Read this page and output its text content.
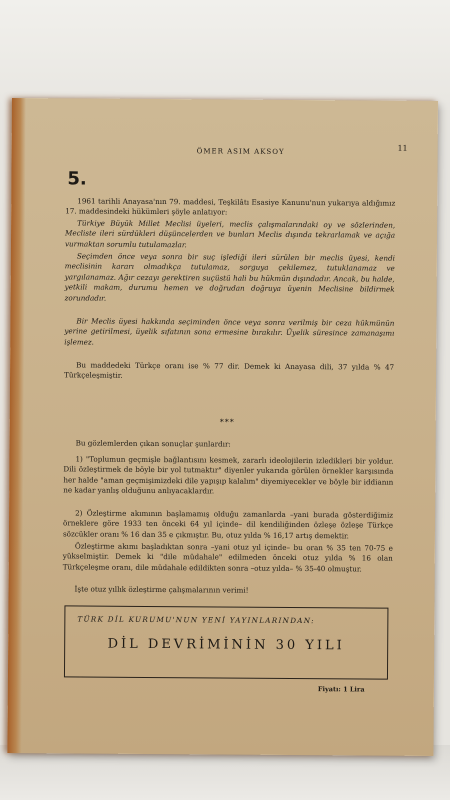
ÖMER ASIM AKSOY	11
5.
1961 tarihli Anayasa'nın 79. maddesi, Teşkilâtı Esasiye Kanunu'nun yukarıya aldığımız 17. maddesindeki hükümleri şöyle anlatıyor:
Türkiye Büyük Millet Meclisi üyeleri, meclis çalışmalarındaki oy ve sözlerinden, Mecliste ileri sürdükleri düşüncelerden ve bunları Meclis dışında tekrarlamak ve açığa vurmaktan sorumlu tutulamazlar.
Seçimden önce veya sonra bir suç işlediği ileri sürülen bir meclis üyesi, kendi meclisinin kararı olmadıkça tutulamaz, sorguya çekilemez, tutuklanamaz ve yargılanamaz. Ağır cezayı gerektiren suçüstü hali bu hükmün dışındadır. Ancak, bu halde, yetkili makam, durumu hemen ve doğrudan doğruya üyenin Meclisine bildirmek zorundadır.
Bir Meclis üyesi hakkında seçiminden önce veya sonra verilmiş bir ceza hükmünün yerine getirilmesi, üyelik sıfatının sona ermesine bırakılır. Üyelik süresince zamanaşımı işlemez.
Bu maddedeki Türkçe oranı ise % 77 dir. Demek ki Anayasa dili, 37 yılda % 47 Türkçeleşmiştir.
***
Bu gözlemlerden çıkan sonuçlar şunlardır:
1) "Toplumun geçmişle bağlantısını kesmek, zararlı ideolojilerin izledikleri bir yoldur. Dili özleştirmek de böyle bir yol tutmaktır" diyenler yukarıda görülen örnekler karşısında her halde "aman geçmişimizdeki dile yapışıp kalalım" diyemiyecekler ve böyle bir iddianın ne kadar yanlış olduğunu anlıyacaklardır.
2) Özleştirme akımının başlamamış olduğu zamanlarda –yani burada gösterdiğimiz örneklere göre 1933 ten önceki 64 yıl içinde– dil kendiliğinden özleşe özleşe Türkçe sözcükler oranı % 16 dan 35 e çıkmıştır. Bu, otuz yılda % 16,17 artış demektir.
Özleştirme akımı başladıktan sonra –yani otuz yıl içinde– bu oran % 35 ten 70-75 e yükselmiştir. Demek ki "dile müdahale" edilmeden önceki otuz yılda % 16 olan Türkçeleşme oranı, dile müdahale edildikten sonra –otuz yılda– % 35-40 olmuştur.
İşte otuz yıllık özleştirme çalışmalarının verimi!
TÜRK DİL KURUMU'NUN YENİ YAYINLARINDAN:
DİL DEVRİMİNİN 30 YILI
Fiyatı: 1 Lira
